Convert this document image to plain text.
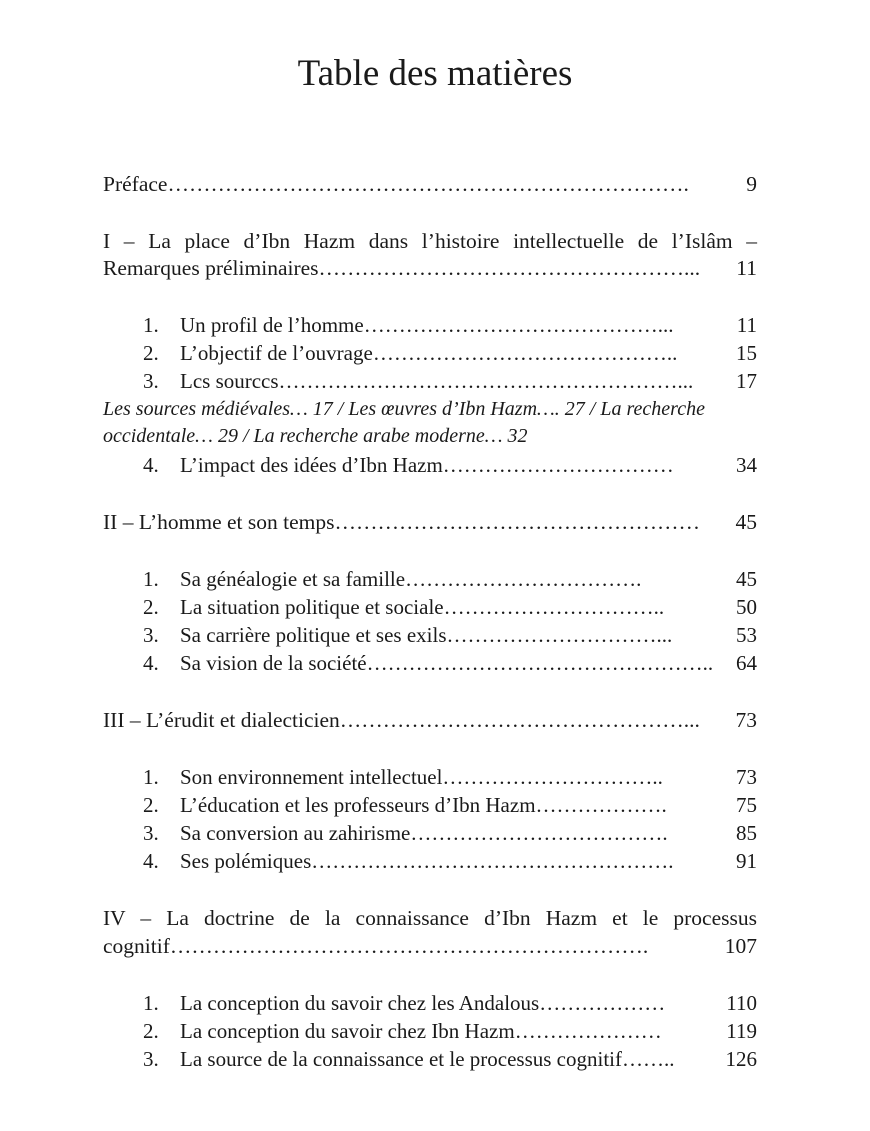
Table des matières
Préface……………………………………………………………….	9
I – La place d’Ibn Hazm dans l’histoire intellectuelle de l’Islâm –
Remarques préliminaires……………………………………………... 11
1. Un profil de l’homme……………………………………...	11
2. L’objectif de l’ouvrage……………………………………..	15
3. Lcs sourccs…………………………………………………... 17
Les sources médiévales… 17 / Les œuvres d’Ibn Hazm…. 27 / La recherche
occidentale… 29 / La recherche arabe moderne… 32
4. L’impact des idées d’Ibn Hazm……………………………	34
II – L’homme et son temps…………………………………………… 45
1. Sa généalogie et sa famille…………………………….	45
2. La situation politique et sociale…………………………..	50
3. Sa carrière politique et ses exils…………………………...	53
4. Sa vision de la société………………………………………….. 64
III – L’érudit et dialecticien…………………………………………... 73
1. Son environnement intellectuel…………………………..	73
2. L’éducation et les professeurs d’Ibn Hazm……………….	75
3. Sa conversion au zahirisme……………………………….	85
4. Ses polémiques…………………………………………….	91
IV – La doctrine de la connaissance d’Ibn Hazm et le processus
cognitif………………………………………………………….	107
1. La conception du savoir chez les Andalous………………	110
2. La conception du savoir chez Ibn Hazm…………………	119
3. La source de la connaissance et le processus cognitif…….. 126
